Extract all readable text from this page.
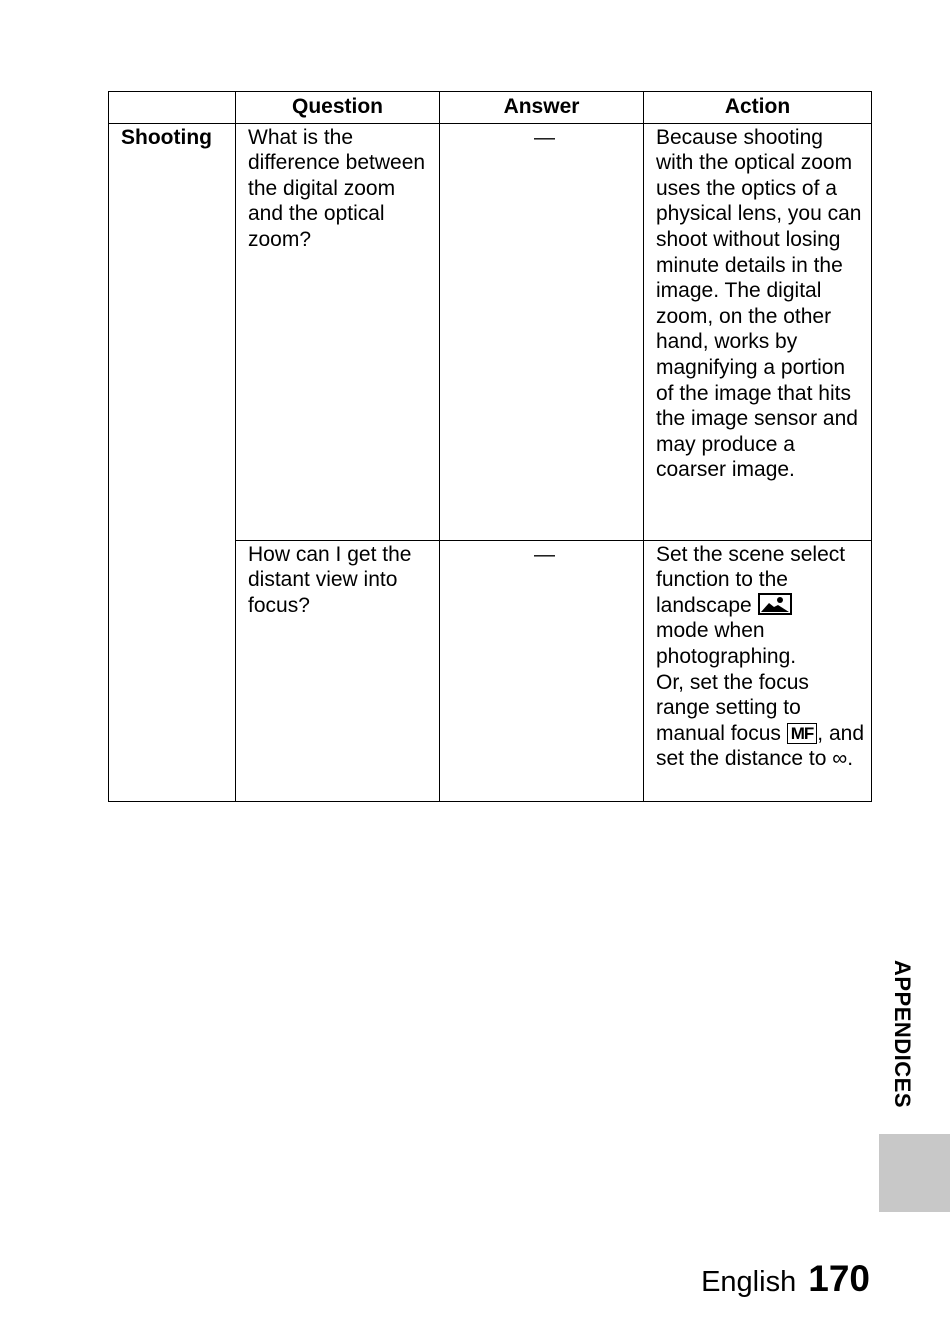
	Question	Answer	Action
Shooting	What is the difference between the digital zoom and the optical zoom?	—	Because shooting with the optical zoom uses the optics of a physical lens, you can shoot without losing minute details in the image. The digital zoom, on the other hand, works by magnifying a portion of the image that hits the image sensor and may produce a coarser image.
	How can I get the distant view into focus?	—	Set the scene select function to the landscape

mode when photographing.
Or, set the focus range setting to manual focus MF , and set the distance to ∞.
APPENDICES
English 170
